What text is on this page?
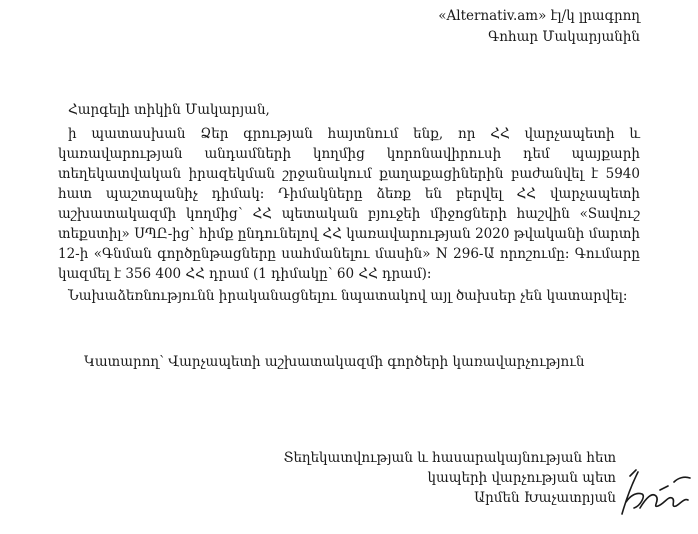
«Alternativ.am» էլ/կ լրագրող
Գոհար Մակարյանին

Հարգելի տիկին Մակարյան,

ի պատասխան Ձեր գրության հայտնում ենք, որ ՀՀ վարչապետի և կառավարության անդամների կողմից կորոնավիրուսի դեմ պայքարի տեղեկատվական իրազեկման շրջանակում քաղաքացիներին բաժանվել է 5940 հատ պաշտպանիչ դիմակ: Դիմակները ձեռք են բերվել ՀՀ վարչապետի աշխատակազմի կողմից՝ ՀՀ պետական բյուջեի միջոցների հաշվին «Sավուշ տեքստիլ» ՍՊԸ-ից՝ հիմք ընդունելով ՀՀ կառավարության 2020 թվականի մարտի 12-ի «Գնման գործընթացները սահմանելու մասին» N 296-Ա որոշումը: Գումարը կազմել է 356 400 ՀՀ դրամ (1 դիմակը՝ 60 ՀՀ դրամ):

Նախաձեռնությունն իրականացնելու նպատակով այլ ծախսեր չեն կատարվել:

Կատարող՝ Վարչապետի աշխատակազմի գործերի կառավարչություն
Տեղեկատվության և հասարակայնության հետ
կապերի վարչության պետ
Արմեն Խաչատրյան
